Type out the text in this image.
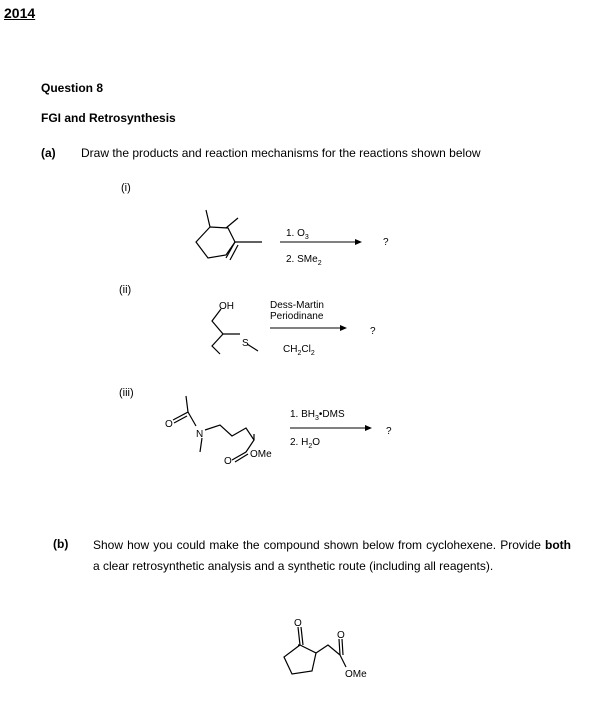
2014
Question 8
FGI and Retrosynthesis
(a) Draw the products and reaction mechanisms for the reactions shown below
(i)
1. $O_3$
2. SMe$_2$
?
(ii)
OH
S
Dess-Martin
Periodinane
$CH_2Cl_2$
?
(iii)
O
N
O
OMe
1. $BH_3•DMS$
2. $H_2O$
?
(b) Show how you could make the compound shown below from cyclohexene. Provide both a clear retrosynthetic analysis and a synthetic route (including all reagents).
O
O
OMe
